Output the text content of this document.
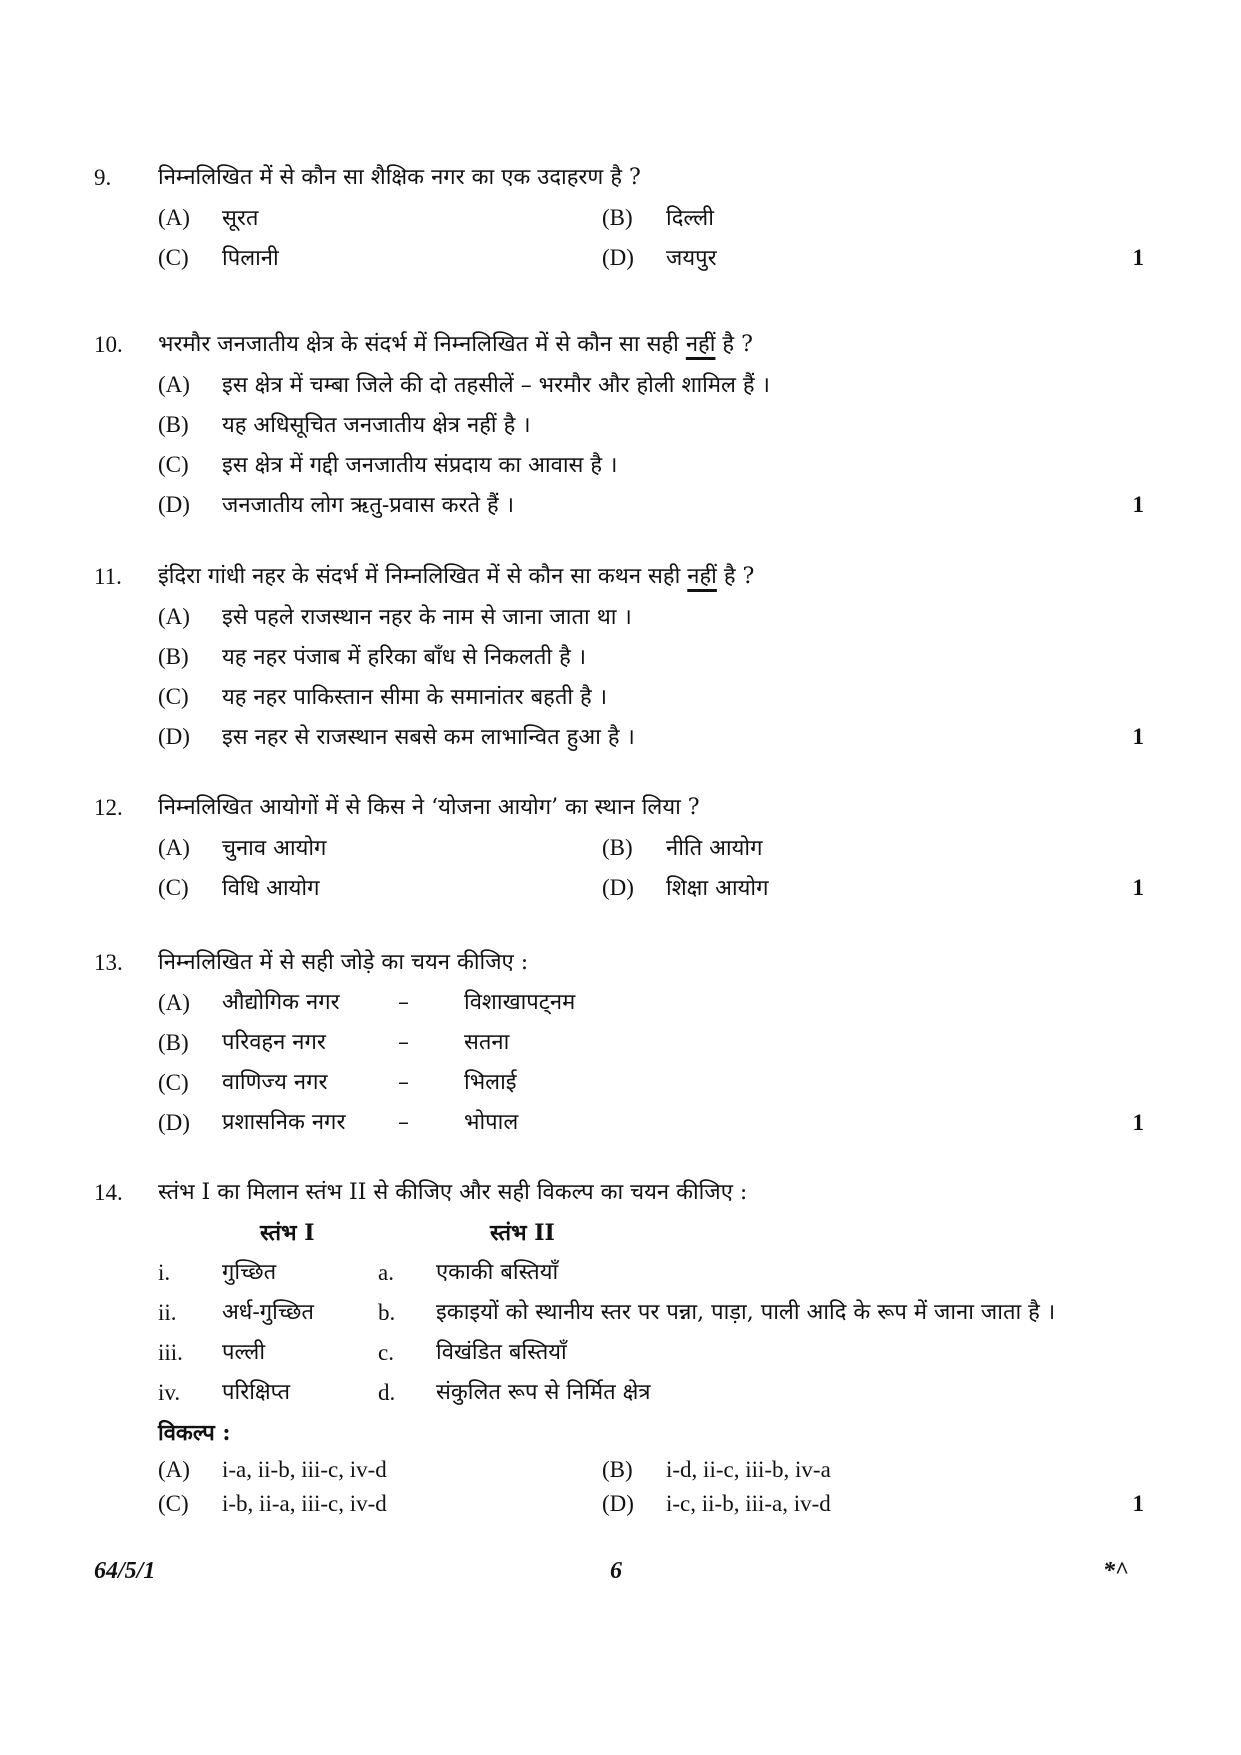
9. निम्नलिखित में से कौन सा शैक्षिक नगर का एक उदाहरण है ?
(A) सूरत	(B) दिल्ली
(C) पिलानी	(D) जयपुर	1
10. भरमौर जनजातीय क्षेत्र के संदर्भ में निम्नलिखित में से कौन सा सही नहीं है ?
(A) इस क्षेत्र में चम्बा जिले की दो तहसीलें – भरमौर और होली शामिल हैं ।
(B) यह अधिसूचित जनजातीय क्षेत्र नहीं है ।
(C) इस क्षेत्र में गद्दी जनजातीय संप्रदाय का आवास है ।
(D) जनजातीय लोग ऋतु-प्रवास करते हैं ।	1
11. इंदिरा गांधी नहर के संदर्भ में निम्नलिखित में से कौन सा कथन सही नहीं है ?
(A) इसे पहले राजस्थान नहर के नाम से जाना जाता था ।
(B) यह नहर पंजाब में हरिका बाँध से निकलती है ।
(C) यह नहर पाकिस्तान सीमा के समानांतर बहती है ।
(D) इस नहर से राजस्थान सबसे कम लाभान्वित हुआ है ।	1
12. निम्नलिखित आयोगों में से किस ने ‘योजना आयोग’ का स्थान लिया ?
(A) चुनाव आयोग	(B) नीति आयोग
(C) विधि आयोग	(D) शिक्षा आयोग	1
13. निम्नलिखित में से सही जोड़े का चयन कीजिए :
(A) औद्योगिक नगर	–	विशाखापट्नम
(B) परिवहन नगर	–	सतना
(C) वाणिज्य नगर	–	भिलाई
(D) प्रशासनिक नगर –	भोपाल	1
14. स्तंभ I का मिलान स्तंभ II से कीजिए और सही विकल्प का चयन कीजिए :
स्तंभ I	स्तंभ II
i. गुच्छित	a. एकाकी बस्तियाँ
ii. अर्ध-गुच्छित	b. इकाइयों को स्थानीय स्तर पर पन्ना, पाड़ा, पाली आदि के रूप में जाना जाता है ।
iii. पल्ली	c. विखंडित बस्तियाँ
iv. परिक्षिप्त	d. संकुलित रूप से निर्मित क्षेत्र
विकल्प :
(A) i-a, ii-b, iii-c, iv-d	(B) i-d, ii-c, iii-b, iv-a
(C) i-b, ii-a, iii-c, iv-d	(D) i-c, ii-b, iii-a, iv-d	1
64/5/1	6	*^
